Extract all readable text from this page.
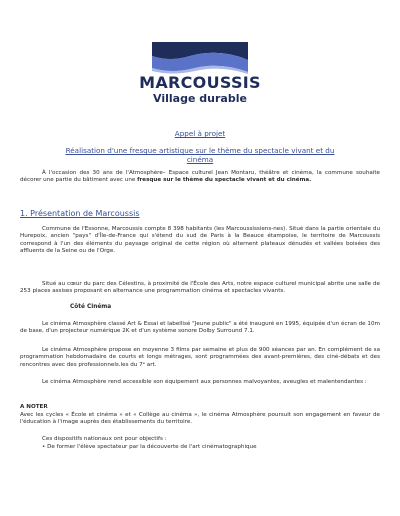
MARCOUSSIS
Village durable
Appel à projet
Réalisation d'une fresque artistique sur le thème du spectacle vivant et du
cinéma
À l'occasion des 30 ans de l'Atmosphère– Espace culturel Jean Montaru, théâtre et cinéma, la commune souhaite décorer une partie du bâtiment avec une fresque sur le thème du spectacle vivant et du cinéma.
1. Présentation de Marcoussis
Commune de l'Essonne, Marcoussis compte 8 398 habitants (les Marcoussissiens-nes). Situé dans la partie orientale du Hurepoix, ancien "pays" d'Île-de-France qui s'étend du sud de Paris à la Beauce étampoise, le territoire de Marcoussis correspond à l'un des éléments du paysage original de cette région où alternent plateaux dénudés et vallées boisées des affluents de la Seine ou de l'Orge.
Situé au cœur du parc des Célestins, à proximité de l'École des Arts, notre espace culturel municipal abrite une salle de 253 places assises proposant en alternance une programmation cinéma et spectacles vivants.
Côté Cinéma
Le cinéma Atmosphère classé Art & Essai et labellisé "Jeune public" a été inauguré en 1995, équipée d'un écran de 10m de base, d'un projecteur numérique 2K et d'un système sonore Dolby Surround 7.1.
Le cinéma Atmosphère propose en moyenne 3 films par semaine et plus de 900 séances par an. En complément de sa programmation hebdomadaire de courts et longs métrages, sont programmées des avant-premières, des ciné-débats et des rencontres avec des professionnels.les du 7ᵉ art.
Le cinéma Atmosphère rend accessible son équipement aux personnes malvoyantes, aveugles et malentendantes :
A NOTER
Avec les cycles « École et cinéma » et « Collège au cinéma », le cinéma Atmosphère poursuit son engagement en faveur de l'éducation à l'image auprès des établissements du territoire.
Ces dispositifs nationaux ont pour objectifs :
• De former l'élève spectateur par la découverte de l'art cinématographique
